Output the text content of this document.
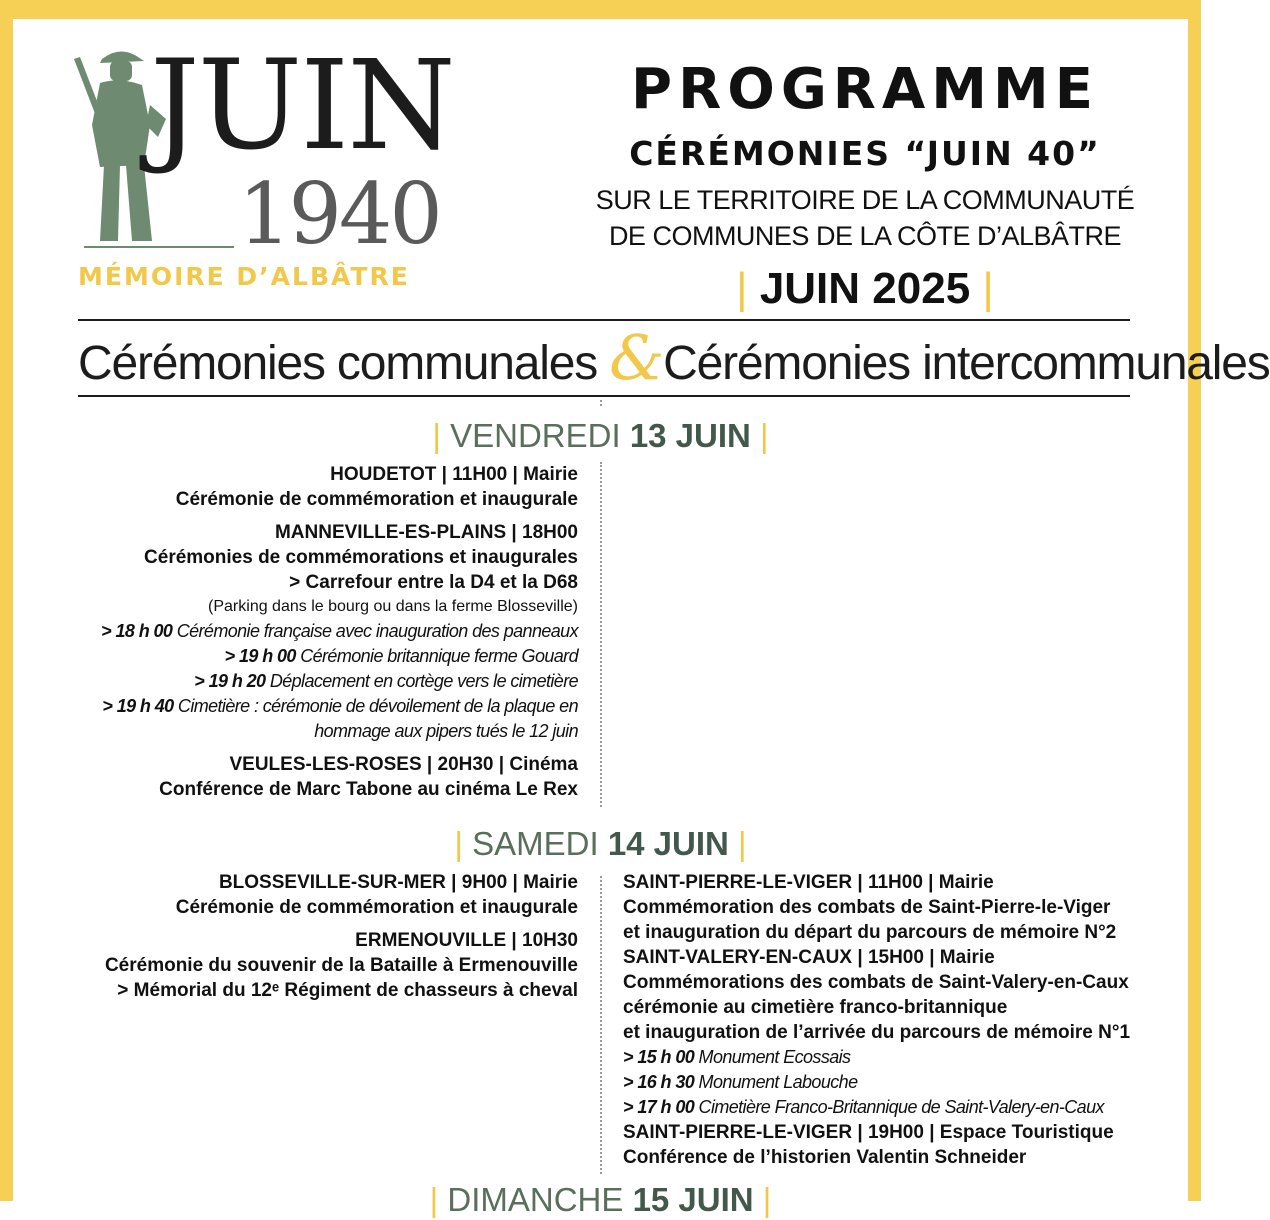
JUIN
1940
MÉMOIRE D’ALBÂTRE
PROGRAMME
CÉRÉMONIES “JUIN 40”
SUR LE TERRITOIRE DE LA COMMUNAUTÉ
DE COMMUNES DE LA CÔTE D’ALBÂTRE
| JUIN 2025 |
Cérémonies communales &Cérémonies intercommunales
| VENDREDI 13 JUIN |
HOUDETOT | 11H00 | Mairie
Cérémonie de commémoration et inaugurale
MANNEVILLE-ES-PLAINS | 18H00
Cérémonies de commémorations et inaugurales
> Carrefour entre la D4 et la D68
(Parking dans le bourg ou dans la ferme Blosseville)
> 18 h 00 Cérémonie française avec inauguration des panneaux
> 19 h 00 Cérémonie britannique ferme Gouard
> 19 h 20 Déplacement en cortège vers le cimetière
> 19 h 40 Cimetière : cérémonie de dévoilement de la plaque en
hommage aux pipers tués le 12 juin
VEULES-LES-ROSES | 20H30 | Cinéma
Conférence de Marc Tabone au cinéma Le Rex
| SAMEDI 14 JUIN |
BLOSSEVILLE-SUR-MER | 9H00 | Mairie
Cérémonie de commémoration et inaugurale
ERMENOUVILLE | 10H30
Cérémonie du souvenir de la Bataille à Ermenouville
> Mémorial du 12ᵉ Régiment de chasseurs à cheval
SAINT-PIERRE-LE-VIGER | 11H00 | Mairie
Commémoration des combats de Saint-Pierre-le-Viger
et inauguration du départ du parcours de mémoire N°2
SAINT-VALERY-EN-CAUX | 15H00 | Mairie
Commémorations des combats de Saint-Valery-en-Caux
cérémonie au cimetière franco-britannique
et inauguration de l’arrivée du parcours de mémoire N°1
> 15 h 00 Monument Ecossais
> 16 h 30 Monument Labouche
> 17 h 00 Cimetière Franco-Britannique de Saint-Valery-en-Caux
SAINT-PIERRE-LE-VIGER | 19H00 | Espace Touristique
Conférence de l’historien Valentin Schneider
| DIMANCHE 15 JUIN |
